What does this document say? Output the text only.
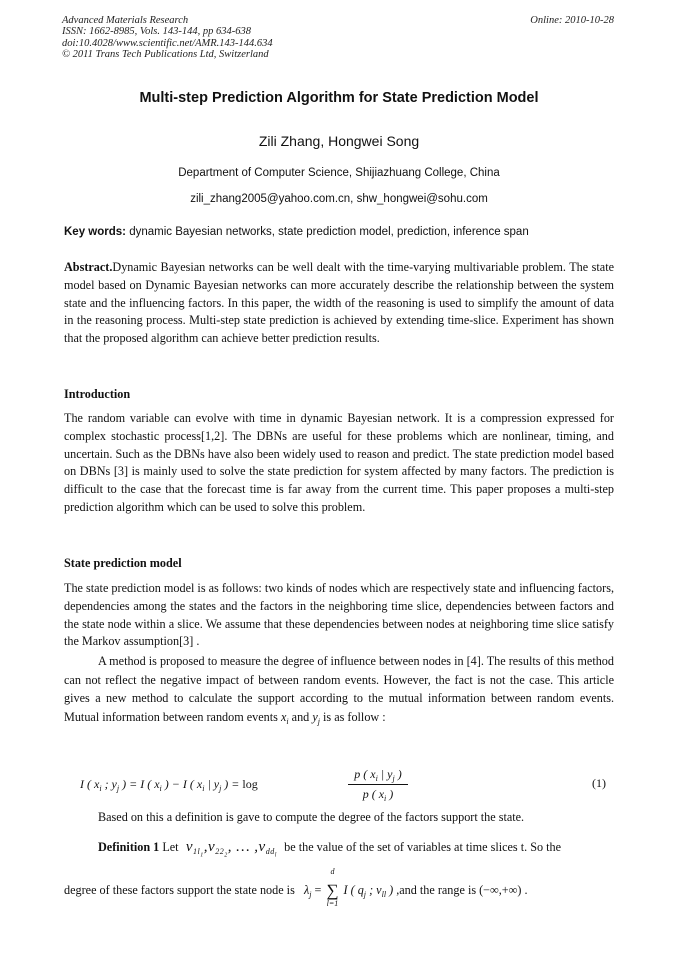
Advanced Materials Research
ISSN: 1662-8985, Vols. 143-144, pp 634-638
doi:10.4028/www.scientific.net/AMR.143-144.634
© 2011 Trans Tech Publications Ltd, Switzerland
Online: 2010-10-28
Multi-step Prediction Algorithm for State Prediction Model
Zili Zhang, Hongwei Song
Department of Computer Science, Shijiazhuang College, China
zili_zhang2005@yahoo.com.cn, shw_hongwei@sohu.com
Key words: dynamic Bayesian networks, state prediction model, prediction, inference span

Abstract.Dynamic Bayesian networks can be well dealt with the time-varying multivariable problem. The state model based on Dynamic Bayesian networks can more accurately describe the relationship between the system state and the influencing factors. In this paper, the width of the reasoning is used to simplify the amount of data in the reasoning process. Multi-step state prediction is achieved by extending time-slice. Experiment has shown that the proposed algorithm can achieve better prediction results.

Introduction

The random variable can evolve with time in dynamic Bayesian network. It is a compression expressed for complex stochastic process[1,2]. The DBNs are useful for these problems which are nonlinear, timing, and uncertain. Such as the DBNs have also been widely used to reason and predict. The state prediction model based on DBNs [3] is mainly used to solve the state prediction for system affected by many factors. The prediction is difficult to the case that the forecast time is far away from the current time. This paper proposes a multi-step prediction algorithm which can be used to solve this problem.

State prediction model

The state prediction model is as follows: two kinds of nodes which are respectively state and influencing factors, dependencies among the states and the factors in the neighboring time slice, dependencies between factors and the state node within a slice. We assume that these dependencies between nodes at neighboring time slice satisfy the Markov assumption[3] .

A method is proposed to measure the degree of influence between nodes in [4]. The results of this method can not reflect the negative impact of between random events. However, the fact is not the case. This article gives a new method to calculate the support according to the mutual information between random events. Mutual information between random events $x_i$ and $y_j$ is as follow :

I ( $x_i$ ; $y_j$ ) = I ( $x_i$ ) − I ( $x_i$ | $y_j$ ) = log
p ( $x_i$ | $y_j$ )
p ( $x_i$ )
(1)

Based on this a definition is gave to compute the degree of the factors support the state.

Definition 1 Let  $v_{1l_1},v_{22_2}$, … $,v_{dd_l}$  be the value of the set of variables at time slices t. So the
degree of these factors support the state node is   $\lambda_j$ =
d
∑
l=1
I ( $q_j$ ; $v_{ll}$ ) ,and the range is (−∞,+∞) .
